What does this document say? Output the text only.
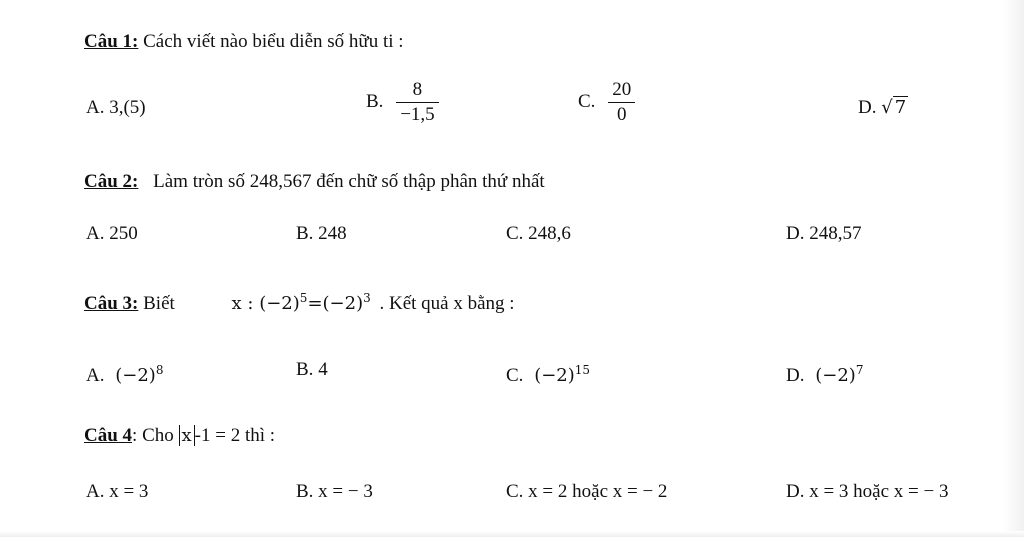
Câu 1: Cách viết nào biểu diễn số hữu ti :
A. 3,(5)	B. $\frac{8}{-1,5}$	C. $\frac{20}{0}$	D. √ 7
Câu 2: Làm tròn số 248,567 đến chữ số thập phân thứ nhất
A. 250	B. 248	C. 248,6	D. 248,57
Câu 3: Biết	x : $(-2)^5=(-2)^3$ . Kết quả x bằng :
A. $(-2)^8$	B. 4	C. $(-2)^{15}$	D. $(-2)^7$
Câu 4: Cho x -1 = 2 thì :
A. x = 3	B. x = − 3	C. x = 2 hoặc x = − 2	D. x = 3 hoặc x = − 3
